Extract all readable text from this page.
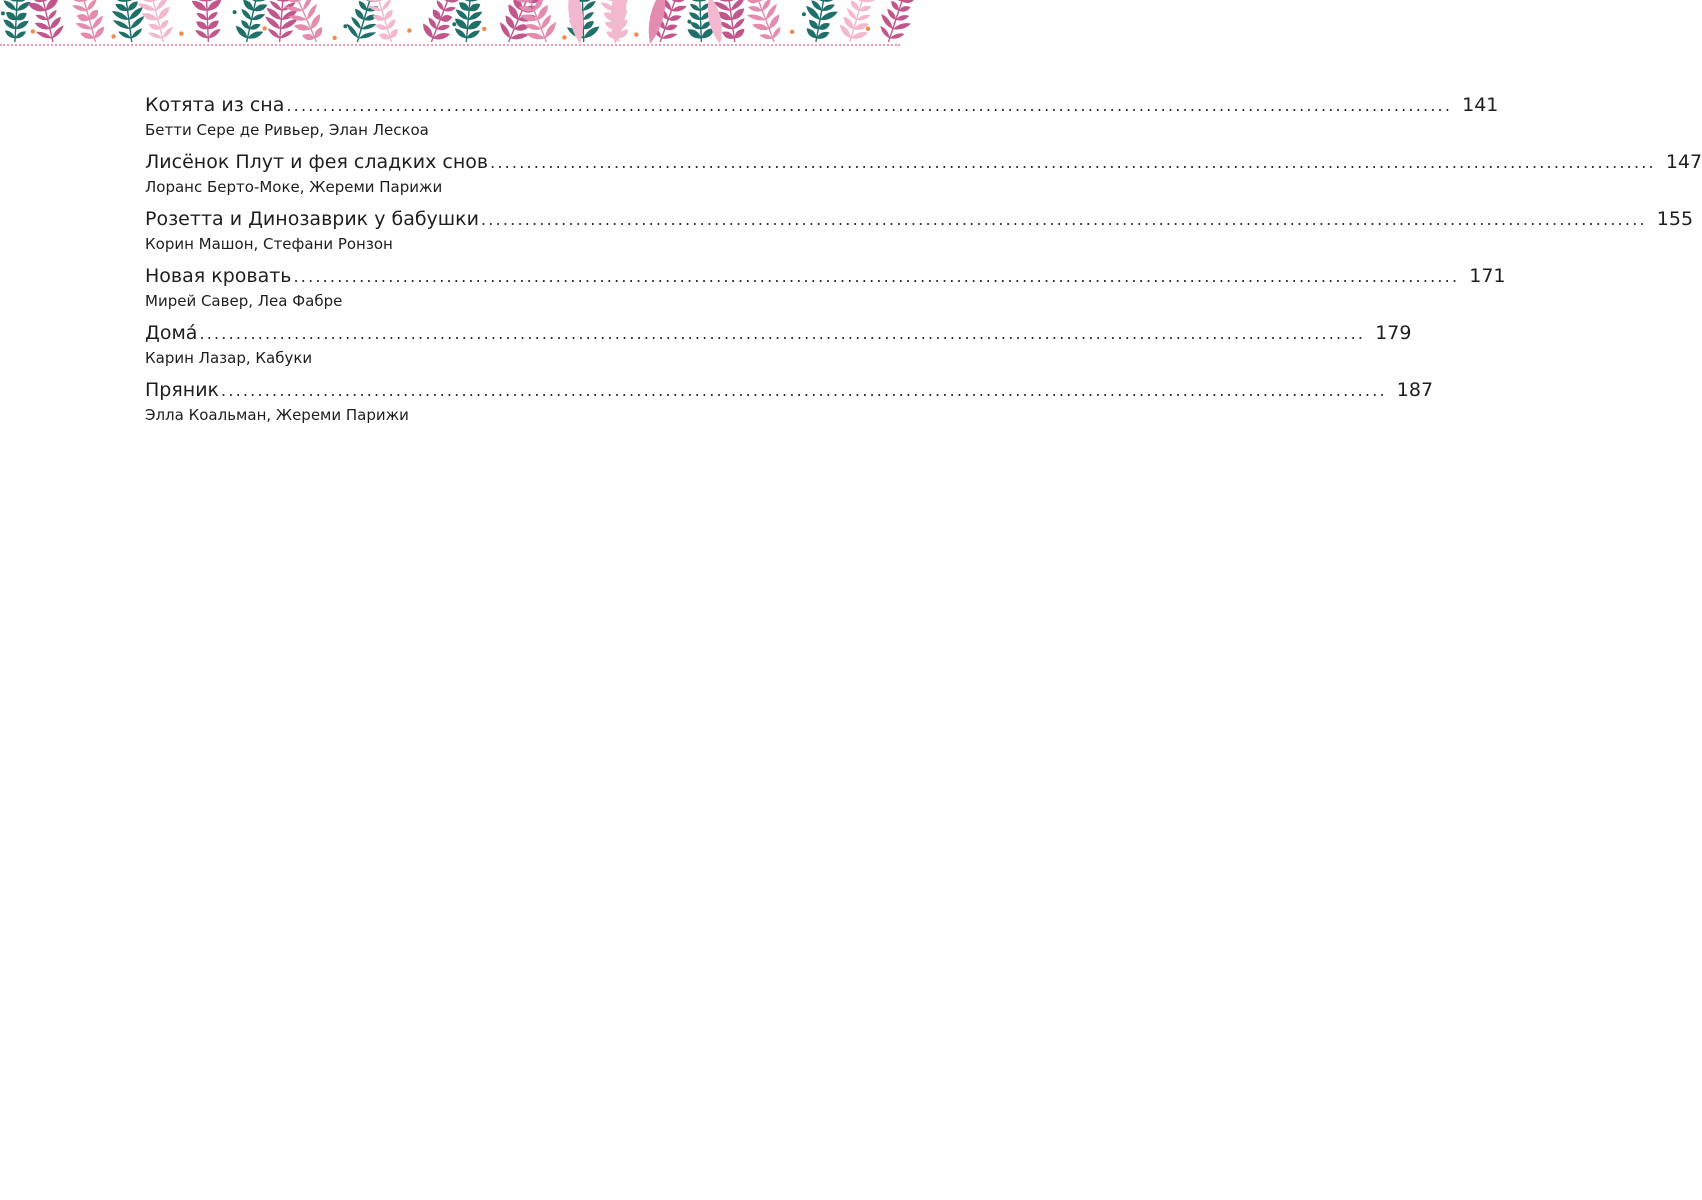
Котята из сна ................................................................................................................................................................ 141
Бетти Сере де Ривьер, Элан Лескоа
Лисёнок Плут и фея сладких снов ................................................................................................................................................................ 147
Лоранс Берто-Моке, Жереми Парижи
Розетта и Динозаврик у бабушки ................................................................................................................................................................ 155
Корин Машон, Стефани Ронзон
Новая кровать ................................................................................................................................................................ 171
Мирей Савер, Леа Фабре
Дома́ ................................................................................................................................................................ 179
Карин Лазар, Кабуки
Пряник ................................................................................................................................................................ 187
Элла Коальман, Жереми Парижи
